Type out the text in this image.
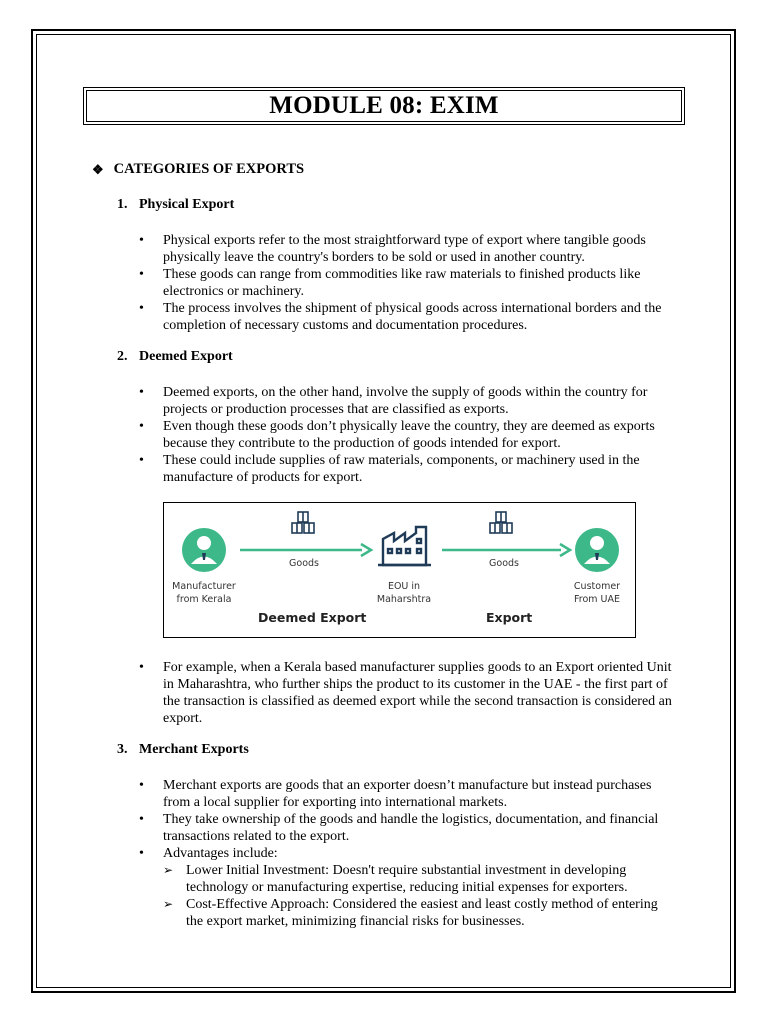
MODULE 08: EXIM
❖ CATEGORIES OF EXPORTS
1. Physical Export
• Physical exports refer to the most straightforward type of export where tangible goods physically leave the country's borders to be sold or used in another country.
• These goods can range from commodities like raw materials to finished products like electronics or machinery.
• The process involves the shipment of physical goods across international borders and the completion of necessary customs and documentation procedures.
2. Deemed Export
• Deemed exports, on the other hand, involve the supply of goods within the country for projects or production processes that are classified as exports.
• Even though these goods don’t physically leave the country, they are deemed as exports because they contribute to the production of goods intended for export.
• These could include supplies of raw materials, components, or machinery used in the manufacture of products for export.
Manufacturer
from Kerala
Goods
EOU in
Maharshtra
Goods
Customer
From UAE
Deemed Export	Export
• For example, when a Kerala based manufacturer supplies goods to an Export oriented Unit in Maharashtra, who further ships the product to its customer in the UAE - the first part of the transaction is classified as deemed export while the second transaction is considered an export.
3. Merchant Exports
• Merchant exports are goods that an exporter doesn’t manufacture but instead purchases from a local supplier for exporting into international markets.
• They take ownership of the goods and handle the logistics, documentation, and financial transactions related to the export.
• Advantages include:
➢ Lower Initial Investment: Doesn't require substantial investment in developing technology or manufacturing expertise, reducing initial expenses for exporters.
➢ Cost-Effective Approach: Considered the easiest and least costly method of entering the export market, minimizing financial risks for businesses.
